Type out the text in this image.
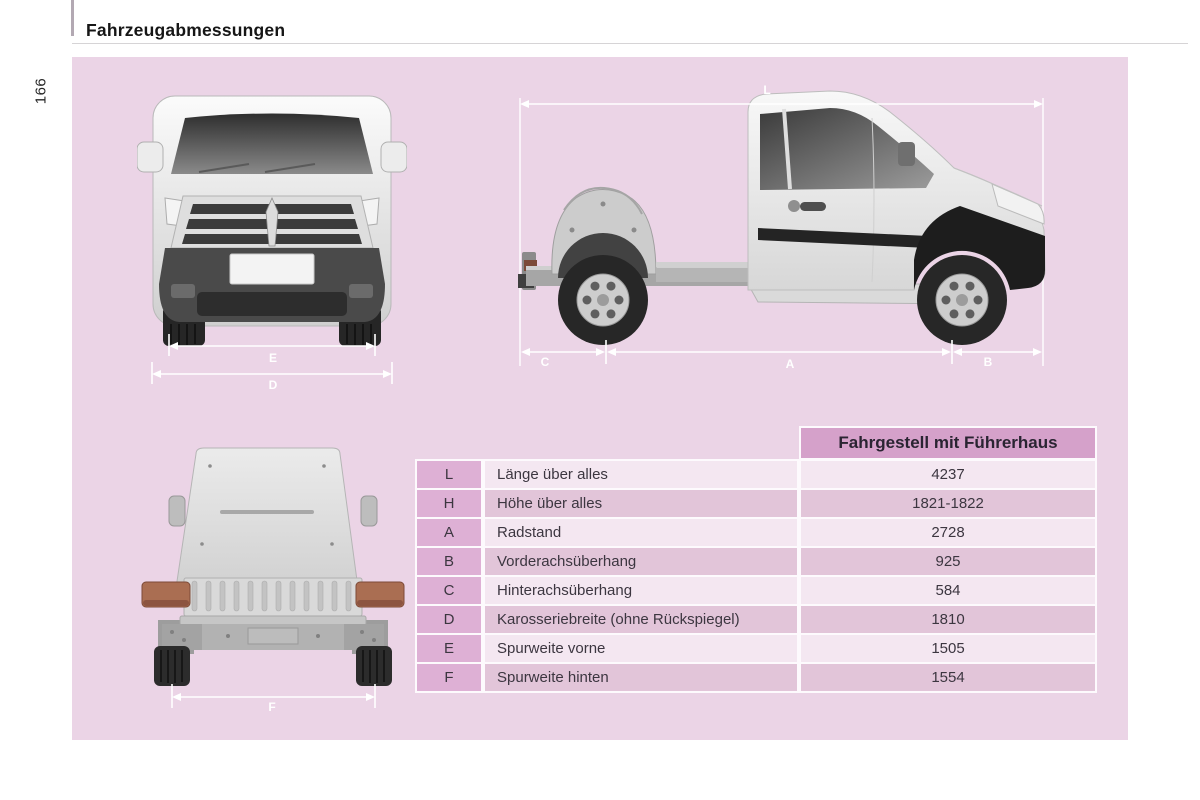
Fahrzeugabmessungen
166
E
D
L
C	A	B
F
Fahrgestell mit Führerhaus
L	Länge über alles	4237
H	Höhe über alles	1821-1822
A	Radstand	2728
B	Vorderachsüberhang	925
C	Hinterachsüberhang	584
D	Karosseriebreite (ohne Rückspiegel)	1810
E	Spurweite vorne	1505
F	Spurweite hinten	1554
